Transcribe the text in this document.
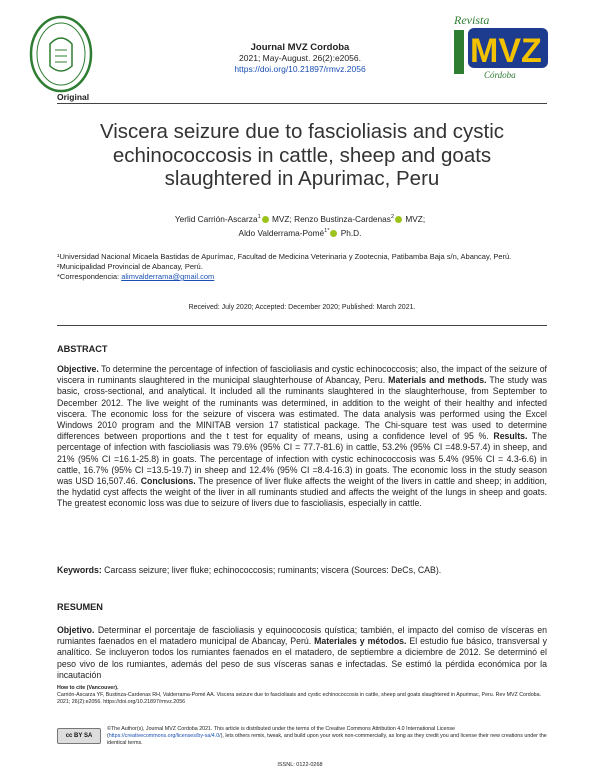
Revista
MVZ
Córdoba
Journal MVZ Cordoba
2021; May-August. 26(2):e2056.
https://doi.org/10.21897/rmvz.2056
Original
Viscera seizure due to fascioliasis and cystic echinococcosis in cattle, sheep and goats slaughtered in Apurimac, Peru
Yerlid Carrión-Ascarza$^1$ MVZ; Renzo Bustinza-Cardenas$^2$ MVZ;
Aldo Valderrama-Pomé$^{1*}$ Ph.D.
¹Universidad Nacional Micaela Bastidas de Apurímac, Facultad de Medicina Veterinaria y Zootecnia, Patibamba Baja s/n, Abancay, Perú.
²Municipalidad Provincial de Abancay, Perú.
*Correspondencia: alimvalderrama@gmail.com
Received: July 2020; Accepted: December 2020; Published: March 2021.
ABSTRACT
Objective. To determine the percentage of infection of fascioliasis and cystic echinococcosis; also, the impact of the seizure of viscera in ruminants slaughtered in the municipal slaughterhouse of Abancay, Peru. Materials and methods. The study was basic, cross-sectional, and analytical. It included all the ruminants slaughtered in the slaughterhouse, from September to December 2012. The live weight of the ruminants was determined, in addition to the weight of their healthy and infected viscera. The economic loss for the seizure of viscera was estimated. The data analysis was performed using the Excel Windows 2010 program and the MINITAB version 17 statistical package. The Chi-square test was used to determine differences between proportions and the t test for equality of means, using a confidence level of 95 %. Results. The percentage of infection with fascioliasis was 79.6% (95% CI = 77.7-81.6) in cattle, 53.2% (95% CI =48.9-57.4) in sheep, and 21% (95% CI =16.1-25.8) in goats. The percentage of infection with cystic echinococcosis was 5.4% (95% CI = 4.3-6.6) in cattle, 16.7% (95% CI =13.5-19.7) in sheep and 12.4% (95% CI =8.4-16.3) in goats. The economic loss in the study season was USD 16,507.46. Conclusions. The presence of liver fluke affects the weight of the livers in cattle and sheep; in addition, the hydatid cyst affects the weight of the liver in all ruminants studied and affects the weight of the lungs in sheep and goats. The greatest economic loss was due to seizure of livers due to fascioliasis, especially in cattle.
Keywords: Carcass seizure; liver fluke; echinococcosis; ruminants; viscera (Sources: DeCs, CAB).
RESUMEN
Objetivo. Determinar el porcentaje de fascioliasis y equinococosis quística; también, el impacto del comiso de vísceras en rumiantes faenados en el matadero municipal de Abancay, Perú. Materiales y métodos. El estudio fue básico, transversal y analítico. Se incluyeron todos los rumiantes faenados en el matadero, de septiembre a diciembre de 2012. Se determinó el peso vivo de los rumiantes, además del peso de sus vísceras sanas e infectadas. Se estimó la pérdida económica por la incautación
How to cite (Vancouver).
Carrión-Ascarza YF, Bustinza-Cardenas RH, Valderrama-Pomé AA. Viscera seizure due to fascioliasis and cystic echinococcosis in cattle, sheep and goats slaughtered in Apurimac, Peru. Rev MVZ Cordoba. 2021; 26(2):e2056. https://doi.org/10.21897/rmvz.2056
cc BY SA
©The Author(s), Journal MVZ Cordoba 2021. This article is distributed under the terms of the Creative Commons Attribution 4.0 International License (https://creativecommons.org/licenses/by-sa/4.0/), lets others remix, tweak, and build upon your work non-commercially, as long as they credit you and license their new creations under the identical terms.
ISSNL: 0122-0268
